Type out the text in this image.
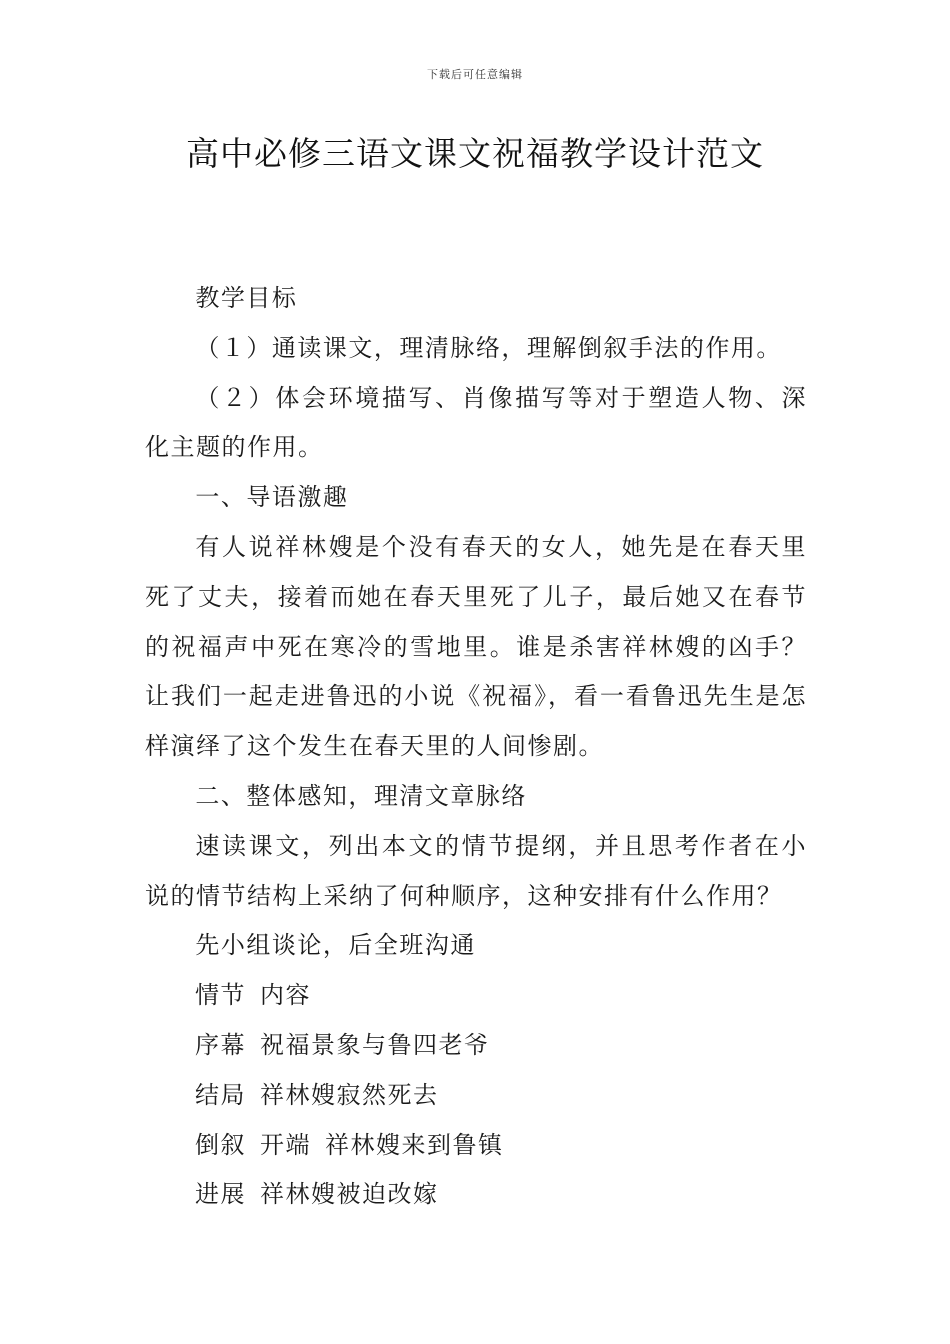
下载后可任意编辑
高中必修三语文课文祝福教学设计范文

教学目标

（１）通读课文，理清脉络，理解倒叙手法的作用。

（２）体会环境描写、肖像描写等对于塑造人物、深化主题的作用。

一、导语激趣

有人说祥林嫂是个没有春天的女人，她先是在春天里死了丈夫，接着而她在春天里死了儿子，最后她又在春节的祝福声中死在寒冷的雪地里。谁是杀害祥林嫂的凶手？让我们一起走进鲁迅的小说《祝福》，看一看鲁迅先生是怎样演绎了这个发生在春天里的人间惨剧。

二、整体感知，理清文章脉络

速读课文，列出本文的情节提纲，并且思考作者在小说的情节结构上采纳了何种顺序，这种安排有什么作用？

先小组谈论，后全班沟通

情节 内容
序幕 祝福景象与鲁四老爷
结局 祥林嫂寂然死去
倒叙 开端 祥林嫂来到鲁镇
进展 祥林嫂被迫改嫁
